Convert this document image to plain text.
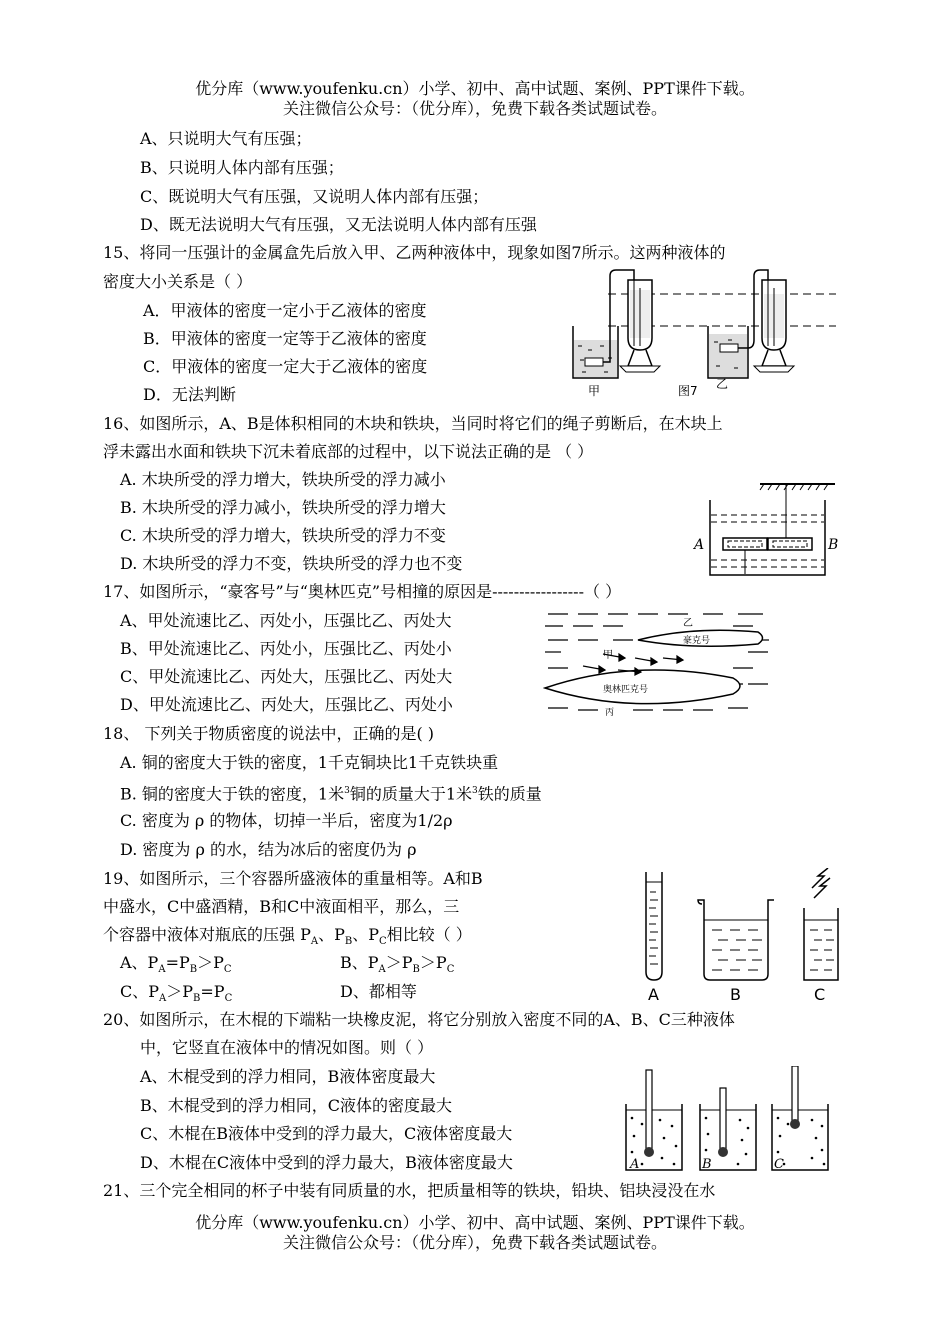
优分库（www.youfenku.cn）小学、初中、高中试题、案例、PPT课件下载。
关注微信公众号：（优分库），免费下载各类试题试卷。
A、只说明大气有压强；
B、只说明人体内部有压强；
C、既说明大气有压强，又说明人体内部有压强；
D、既无法说明大气有压强，又无法说明人体内部有压强
15、将同一压强计的金属盒先后放入甲、乙两种液体中，现象如图7所示。这两种液体的
密度大小关系是（ ）
A．甲液体的密度一定小于乙液体的密度
B．甲液体的密度一定等于乙液体的密度
C．甲液体的密度一定大于乙液体的密度
D．无法判断	甲	图7 乙
16、如图所示，A、B是体积相同的木块和铁块，当同时将它们的绳子剪断后，在木块上
浮未露出水面和铁块下沉未着底部的过程中，以下说法正确的是 （ ）
A. 木块所受的浮力增大，铁块所受的浮力减小
B. 木块所受的浮力减小，铁块所受的浮力增大
C. 木块所受的浮力增大，铁块所受的浮力不变
D. 木块所受的浮力不变，铁块所受的浮力也不变
A	B
17、如图所示，“豪客号”与“奥林匹克”号相撞的原因是-----------------（ ）
A、甲处流速比乙、丙处小，压强比乙、丙处大
B、甲处流速比乙、丙处小，压强比乙、丙处小
C、甲处流速比乙、丙处大，压强比乙、丙处大
D、甲处流速比乙、丙处大，压强比乙、丙处小
乙
豪克号
甲
奥林匹克号
丙
18、 下列关于物质密度的说法中，正确的是( )
A. 铜的密度大于铁的密度，1千克铜块比1千克铁块重
B. 铜的密度大于铁的密度，1米$^3$铜的质量大于1米$^3$铁的质量
C. 密度为 ρ 的物体，切掉一半后，密度为1/2ρ
D. 密度为 ρ 的水，结为冰后的密度仍为 ρ
19、如图所示，三个容器所盛液体的重量相等。A和B
中盛水，C中盛酒精，B和C中液面相平，那么，三
个容器中液体对瓶底的压强 $P_A$、$P_B$、$P_C$相比较（ ）
A、$P_A=P_B>P_C$	B、$P_A>P_B>P_C$
C、$P_A>P_B=P_C$	D、都相等	A	B	C
20、如图所示，在木棍的下端粘一块橡皮泥，将它分别放入密度不同的A、B、C三种液体
中，它竖直在液体中的情况如图。则（ ）
A、木棍受到的浮力相同，B液体密度最大
B、木棍受到的浮力相同，C液体的密度最大
C、木棍在B液体中受到的浮力最大，C液体密度最大
D、木棍在C液体中受到的浮力最大，B液体密度最大	A	B	C
21、三个完全相同的杯子中装有同质量的水，把质量相等的铁块，铅块、铝块浸没在水
优分库（www.youfenku.cn）小学、初中、高中试题、案例、PPT课件下载。
关注微信公众号：（优分库），免费下载各类试题试卷。
